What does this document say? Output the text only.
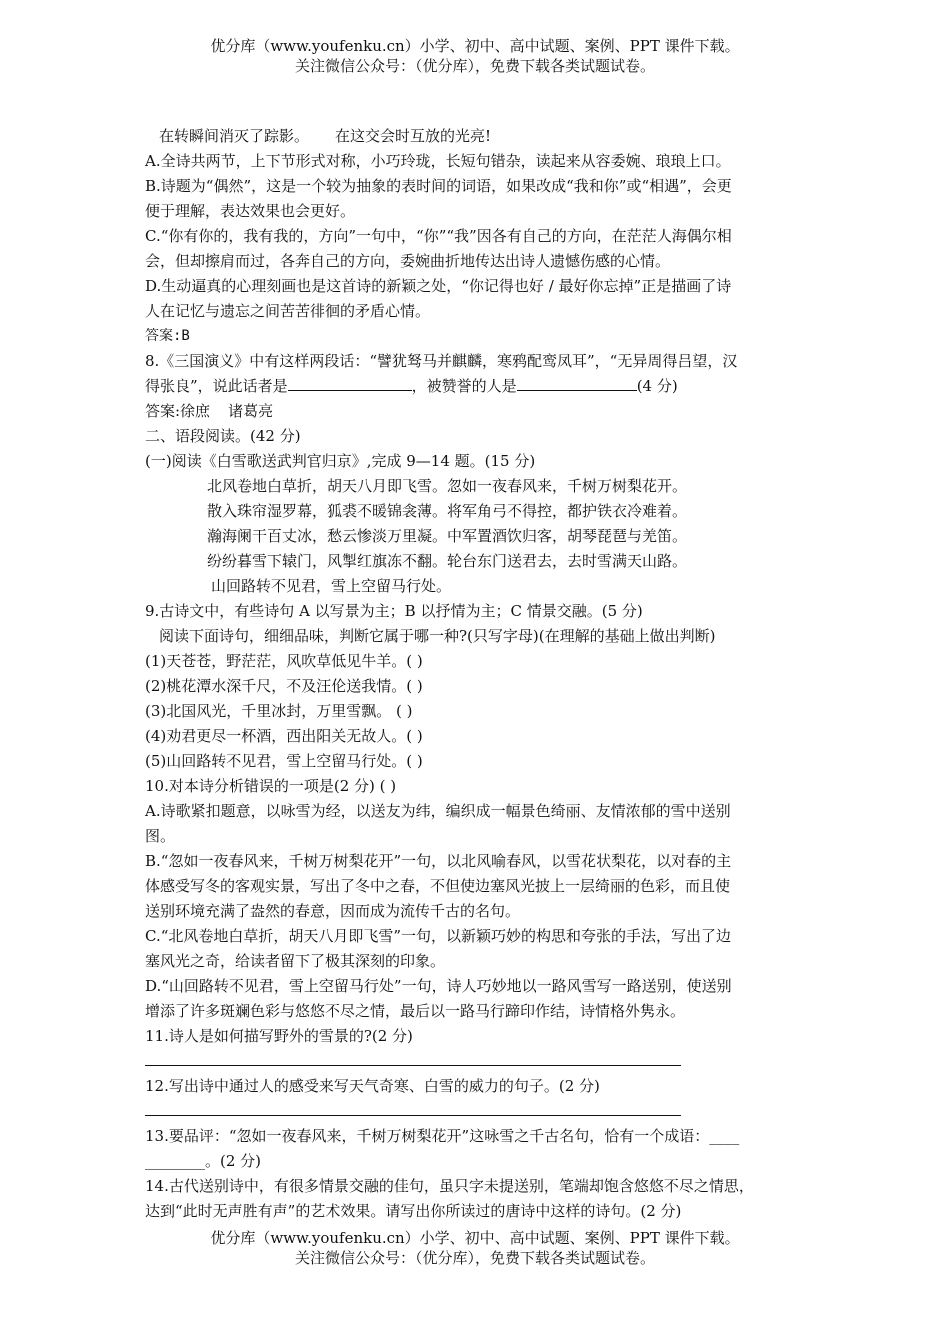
优分库（www.youfenku.cn）小学、初中、高中试题、案例、PPT 课件下载。
关注微信公众号：（优分库），免费下载各类试题试卷。
在转瞬间消灭了踪影。 在这交会时互放的光亮!
A.全诗共两节，上下节形式对称，小巧玲珑，长短句错杂，读起来从容委婉、琅琅上口。
B.诗题为“偶然”，这是一个较为抽象的表时间的词语，如果改成“我和你”或“相遇”，会更
便于理解，表达效果也会更好。
C.“你有你的，我有我的，方向”一句中，“你”“我”因各有自己的方向，在茫茫人海偶尔相
会，但却擦肩而过，各奔自己的方向，委婉曲折地传达出诗人遗憾伤感的心情。
D.生动逼真的心理刻画也是这首诗的新颖之处，“你记得也好 / 最好你忘掉”正是描画了诗
人在记忆与遗忘之间苦苦徘徊的矛盾心情。
答案:B
8.《三国演义》中有这样两段话：“譬犹驽马并麒麟，寒鸦配鸾凤耳”，“无异周得吕望，汉
得张良”，说此话者是	，被赞誉的人是	(4 分)
答案:徐庶 诸葛亮
二、语段阅读。(42 分)
(一)阅读《白雪歌送武判官归京》,完成 9—14 题。(15 分)
北风卷地白草折，胡天八月即飞雪。忽如一夜春风来，千树万树梨花开。
散入珠帘湿罗幕，狐裘不暖锦衾薄。将军角弓不得控，都护铁衣冷难着。
瀚海阑干百丈冰，愁云惨淡万里凝。中军置酒饮归客，胡琴琵琶与羌笛。
纷纷暮雪下辕门，风掣红旗冻不翻。轮台东门送君去，去时雪满天山路。
山回路转不见君，雪上空留马行处。
9.古诗文中，有些诗句 A 以写景为主；B 以抒情为主；C 情景交融。(5 分)
阅读下面诗句，细细品味，判断它属于哪一种?(只写字母)(在理解的基础上做出判断)
(1)天苍苍，野茫茫，风吹草低见牛羊。( )
(2)桃花潭水深千尺，不及汪伦送我情。( )
(3)北国风光，千里冰封，万里雪飘。 ( )
(4)劝君更尽一杯酒，西出阳关无故人。( )
(5)山回路转不见君，雪上空留马行处。( )
10.对本诗分析错误的一项是(2 分) ( )
A.诗歌紧扣题意，以咏雪为经，以送友为纬，编织成一幅景色绮丽、友情浓郁的雪中送别
图。
B.“忽如一夜春风来，千树万树梨花开”一句，以北风喻春风，以雪花状梨花，以对春的主
体感受写冬的客观实景，写出了冬中之春，不但使边塞风光披上一层绮丽的色彩，而且使
送别环境充满了盎然的春意，因而成为流传千古的名句。
C.“北风卷地白草折，胡天八月即飞雪”一句，以新颖巧妙的构思和夸张的手法，写出了边
塞风光之奇，给读者留下了极其深刻的印象。
D.“山回路转不见君，雪上空留马行处”一句，诗人巧妙地以一路风雪写一路送别，使送别
增添了许多斑斓色彩与悠悠不尽之情，最后以一路马行蹄印作结，诗情格外隽永。
11.诗人是如何描写野外的雪景的?(2 分)
12.写出诗中通过人的感受来写天气奇寒、白雪的威力的句子。(2 分)
13.要品评：“忽如一夜春风来，千树万树梨花开”这咏雪之千古名句，恰有一个成语：____
________。(2 分)
14.古代送别诗中，有很多情景交融的佳句，虽只字未提送别，笔端却饱含悠悠不尽之情思，
达到“此时无声胜有声”的艺术效果。请写出你所读过的唐诗中这样的诗句。(2 分)
优分库（www.youfenku.cn）小学、初中、高中试题、案例、PPT 课件下载。
关注微信公众号：（优分库），免费下载各类试题试卷。
